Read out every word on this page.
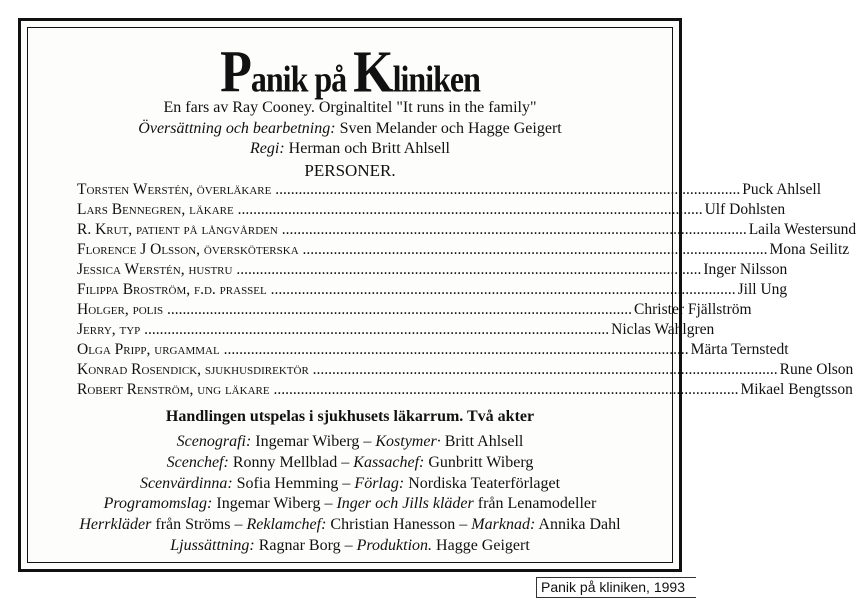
Panik på Kliniken
En fars av Ray Cooney. Orginaltitel "It runs in the family"
Översättning och bearbetning: Sven Melander och Hagge Geigert
Regi: Herman och Britt Ahlsell
PERSONER.
Torsten Werstén, överläkare ........................................................................................................................ Puck Ahlsell
Lars Bennegren, läkare ........................................................................................................................ Ulf Dohlsten
R. Krut, patient på långvården ........................................................................................................................ Laila Westersund
Florence J Olsson, översköterska ........................................................................................................................ Mona Seilitz
Jessica Werstén, hustru ........................................................................................................................ Inger Nilsson
Filippa Broström, f.d. prassel ........................................................................................................................ Jill Ung
Holger, polis ........................................................................................................................ Christer Fjällström
Jerry, typ ........................................................................................................................ Niclas Wahlgren
Olga Pripp, urgammal ........................................................................................................................ Märta Ternstedt
Konrad Rosendick, sjukhusdirektör ........................................................................................................................ Rune Olson
Robert Renström, ung läkare ........................................................................................................................ Mikael Bengtsson
Handlingen utspelas i sjukhusets läkarrum. Två akter
Scenografi: Ingemar Wiberg – Kostymer· Britt Ahlsell
Scenchef: Ronny Mellblad – Kassachef: Gunbritt Wiberg
Scenvärdinna: Sofia Hemming – Förlag: Nordiska Teaterförlaget
Programomslag: Ingemar Wiberg – Inger och Jills kläder från Lenamodeller
Herrkläder från Ströms – Reklamchef: Christian Hanesson – Marknad: Annika Dahl
Ljussättning: Ragnar Borg – Produktion. Hagge Geigert
Panik på kliniken, 1993
